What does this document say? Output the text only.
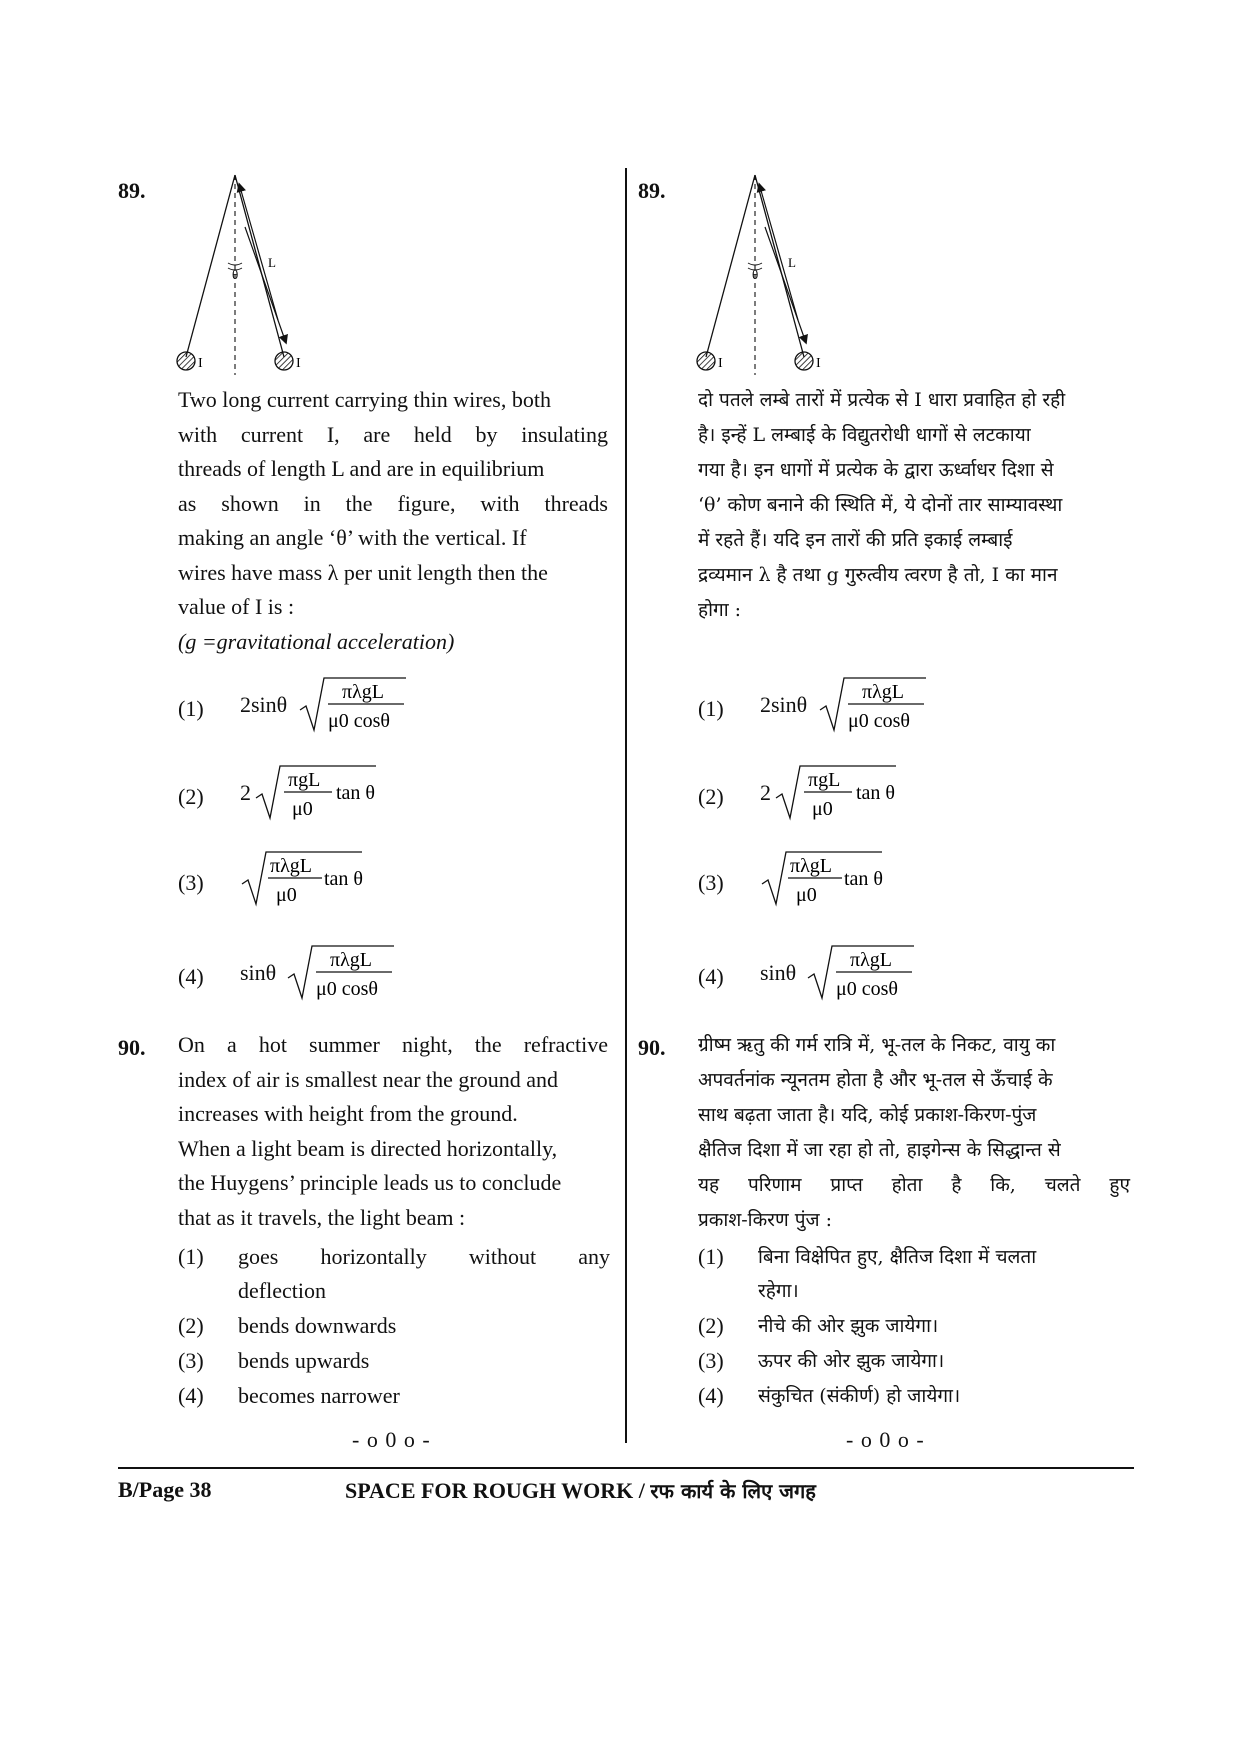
89.
θ
L
I	I
Two long current carrying thin wires, both
with current I, are held by insulating
threads of length L and are in equilibrium
as shown in the figure, with threads
making an angle ‘θ’ with the vertical. If
wires have mass λ per unit length then the
value of I is :
(g =gravitational acceleration)
(1) 2sinθ	πλgL
μ0 cosθ
(2) 2 πgL
μ0
tan θ
(3)
πλgL
μ0
tan θ
(4) sinθ	πλgL
μ0 cosθ
90. On a hot summer night, the refractive
index of air is smallest near the ground and
increases with height from the ground.
When a light beam is directed horizontally,
the Huygens’ principle leads us to conclude
that as it travels, the light beam :
(1) goes horizontally without any
deflection
(2) bends downwards
(3) bends upwards
(4) becomes narrower
- o 0 o -
89.
θ
L
I	I
दो पतले लम्बे तारों में प्रत्येक से I धारा प्रवाहित हो रही
है। इन्हें L लम्बाई के विद्युतरोधी धागों से लटकाया
गया है। इन धागों में प्रत्येक के द्वारा ऊर्ध्वाधर दिशा से
‘θ’ कोण बनाने की स्थिति में, ये दोनों तार साम्यावस्था
में रहते हैं। यदि इन तारों की प्रति इकाई लम्बाई
द्रव्यमान λ है तथा g गुरुत्वीय त्वरण है तो, I का मान
होगा :
(1) 2sinθ	πλgL
μ0 cosθ
(2) 2 πgL
μ0
tan θ
(3)
πλgL
μ0
tan θ
(4) sinθ	πλgL
μ0 cosθ
90. ग्रीष्म ऋतु की गर्म रात्रि में, भू-तल के निकट, वायु का
अपवर्तनांक न्यूनतम होता है और भू-तल से ऊँचाई के
साथ बढ़ता जाता है। यदि, कोई प्रकाश-किरण-पुंज
क्षैतिज दिशा में जा रहा हो तो, हाइगेन्स के सिद्धान्त से
यह परिणाम प्राप्त होता है कि, चलते हुए
प्रकाश-किरण पुंज :
(1) बिना विक्षेपित हुए, क्षैतिज दिशा में चलता
रहेगा।
(2) नीचे की ओर झुक जायेगा।
(3) ऊपर की ओर झुक जायेगा।
(4) संकुचित (संकीर्ण) हो जायेगा।
- o 0 o -
B/Page 38	SPACE FOR ROUGH WORK / रफ कार्य के लिए जगह
